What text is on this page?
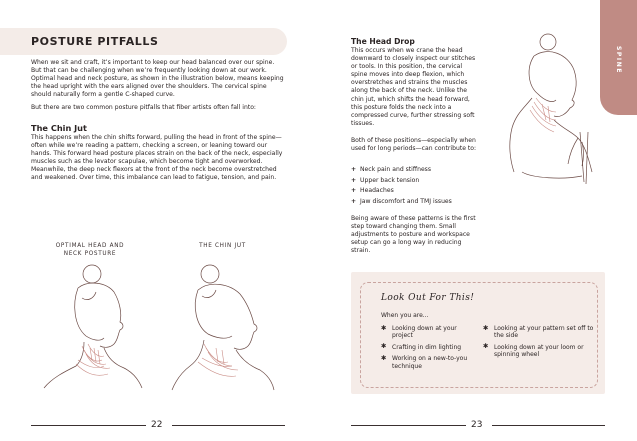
POSTURE PITFALLS
When we sit and craft, it’s important to keep our head balanced over our spine. But that can be challenging when we’re frequently looking down at our work. Optimal head and neck posture, as shown in the illustration below, means keeping the head upright with the ears aligned over the shoulders. The cervical spine should naturally form a gentle C-shaped curve.
But there are two common posture pitfalls that fiber artists often fall into:
The Chin Jut
This happens when the chin shifts forward, pulling the head in front of the spine—often while we’re reading a pattern, checking a screen, or leaning toward our hands. This forward head posture places strain on the back of the neck, especially muscles such as the levator scapulae, which become tight and overworked. Meanwhile, the deep neck flexors at the front of the neck become overstretched and weakened. Over time, this imbalance can lead to fatigue, tension, and pain.
OPTIMAL HEAD AND
NECK POSTURE
THE CHIN JUT
22
SPINE
The Head Drop
This occurs when we crane the head downward to closely inspect our stitches or tools. In this position, the cervical spine moves into deep flexion, which overstretches and strains the muscles along the back of the neck. Unlike the chin jut, which shifts the head forward, this posture folds the neck into a compressed curve, further stressing soft tissues.
Both of these positions—especially when used for long periods—can contribute to:
+ Neck pain and stiffness
+ Upper back tension
+ Headaches
+ Jaw discomfort and TMJ issues
Being aware of these patterns is the first step toward changing them. Small adjustments to posture and workspace setup can go a long way in reducing strain.
Look Out For This!
When you are...
✱ Looking down at your project
✱ Crafting in dim lighting
✱ Working on a new-to-you technique
✱ Looking at your pattern set off to the side
✱ Looking down at your loom or spinning wheel
23
